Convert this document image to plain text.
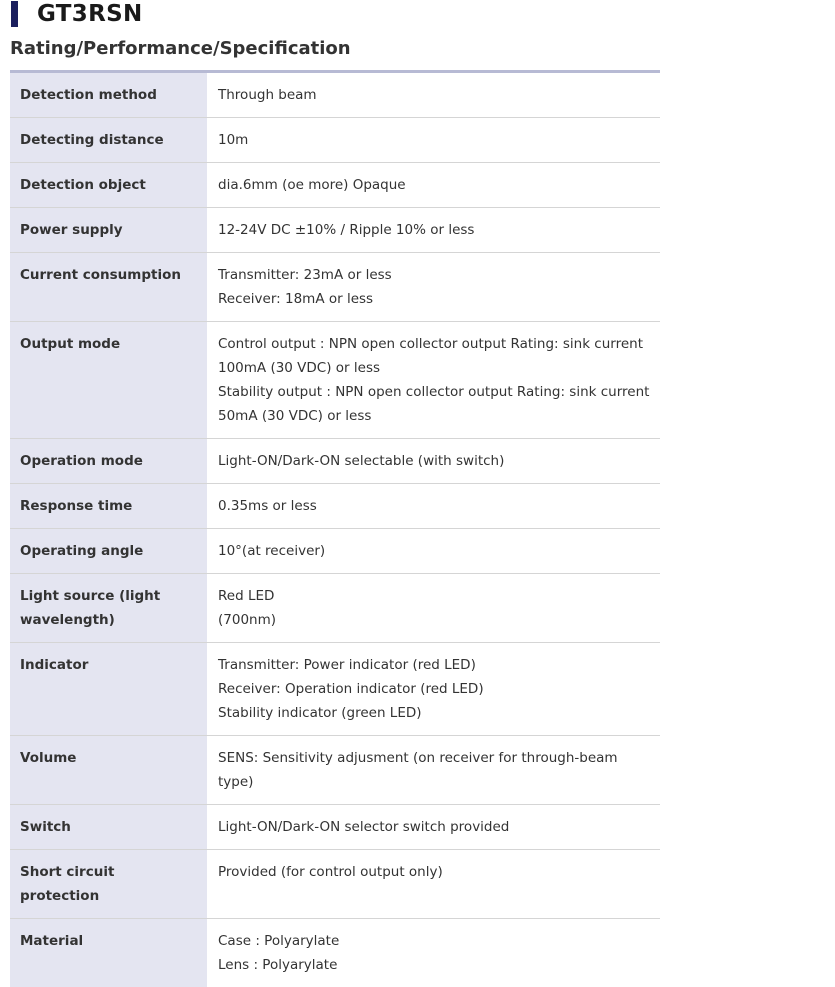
GT3RSN
Rating/Performance/Specification
Detection method	Through beam

Detecting distance	10m

Detection object	dia.6mm (oe more) Opaque

Power supply	12-24V DC ±10% / Ripple 10% or less

Current consumption	Transmitter: 23mA or less
Receiver: 18mA or less

Output mode	Control output : NPN open collector output Rating: sink current
100mA (30 VDC) or less
Stability output : NPN open collector output Rating: sink current
50mA (30 VDC) or less

Operation mode	Light-ON/Dark-ON selectable (with switch)

Response time	0.35ms or less

Operating angle	10°(at receiver)

Light source (light wavelength)	Red LED
(700nm)

Indicator	Transmitter: Power indicator (red LED)
Receiver: Operation indicator (red LED)
Stability indicator (green LED)

Volume	SENS: Sensitivity adjusment (on receiver for through-beam type)

Switch	Light-ON/Dark-ON selector switch provided

Short circuit protection	Provided (for control output only)

Material	Case : Polyarylate
Lens : Polyarylate
